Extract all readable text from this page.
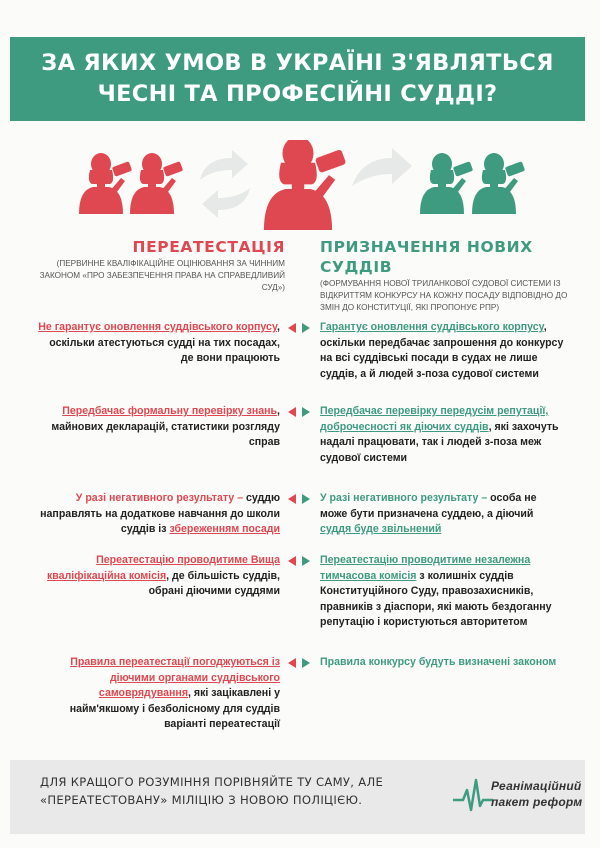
ЗА ЯКИХ УМОВ В УКРАЇНІ З'ЯВЛЯТЬСЯ
ЧЕСНІ ТА ПРОФЕСІЙНІ СУДДІ?
ПЕРЕАТЕСТАЦІЯ
(ПЕРВИННЕ КВАЛІФІКАЦІЙНЕ ОЦІНЮВАННЯ ЗА ЧИННИМ ЗАКОНОМ «ПРО ЗАБЕЗПЕЧЕННЯ ПРАВА НА СПРАВЕДЛИВИЙ СУД»)
ПРИЗНАЧЕННЯ НОВИХ СУДДІВ
(ФОРМУВАННЯ НОВОЇ ТРИЛАНКОВОЇ СУДОВОЇ СИСТЕМИ ІЗ ВІДКРИТТЯМ КОНКУРСУ НА КОЖНУ ПОСАДУ ВІДПОВІДНО ДО ЗМІН ДО КОНСТИТУЦІЇ, ЯКІ ПРОПОНУЄ РПР)
Не гарантує оновлення суддівського корпусу, оскільки атестуються судді на тих посадах, де вони працюють
Гарантує оновлення суддівського корпусу, оскільки передбачає запрошення до конкурсу на всі суддівські посади в судах не лише суддів, а й людей з-поза судової системи
Передбачає формальну перевірку знань, майнових декларацій, статистики розгляду справ
Передбачає перевірку передусім репутації, доброчесності як діючих суддів, які захочуть надалі працювати, так і людей з-поза меж судової системи
У разі негативного результату – суддю направлять на додаткове навчання до школи суддів із збереженням посади
У разі негативного результату – особа не може бути призначена суддею, а діючий суддя буде звільнений
Переатестацію проводитиме Вища кваліфікаційна комісія, де більшість суддів, обрані діючими суддями
Переатестацію проводитиме незалежна тимчасова комісія з колишніх суддів Конституційного Суду, правозахисників, правників з діаспори, які мають бездоганну репутацію і користуються авторитетом
Правила переатестації погоджуються із діючими органами суддівського самоврядування, які зацікавлені у найм'якшому і безболісному для суддів варіанті переатестації
Правила конкурсу будуть визначені законом
ДЛЯ КРАЩОГО РОЗУМІННЯ ПОРІВНЯЙТЕ ТУ САМУ, АЛЕ
«ПЕРЕАТЕСТОВАНУ» МІЛІЦІЮ З НОВОЮ ПОЛІЦІЄЮ.
Реанімаційний
пакет реформ
